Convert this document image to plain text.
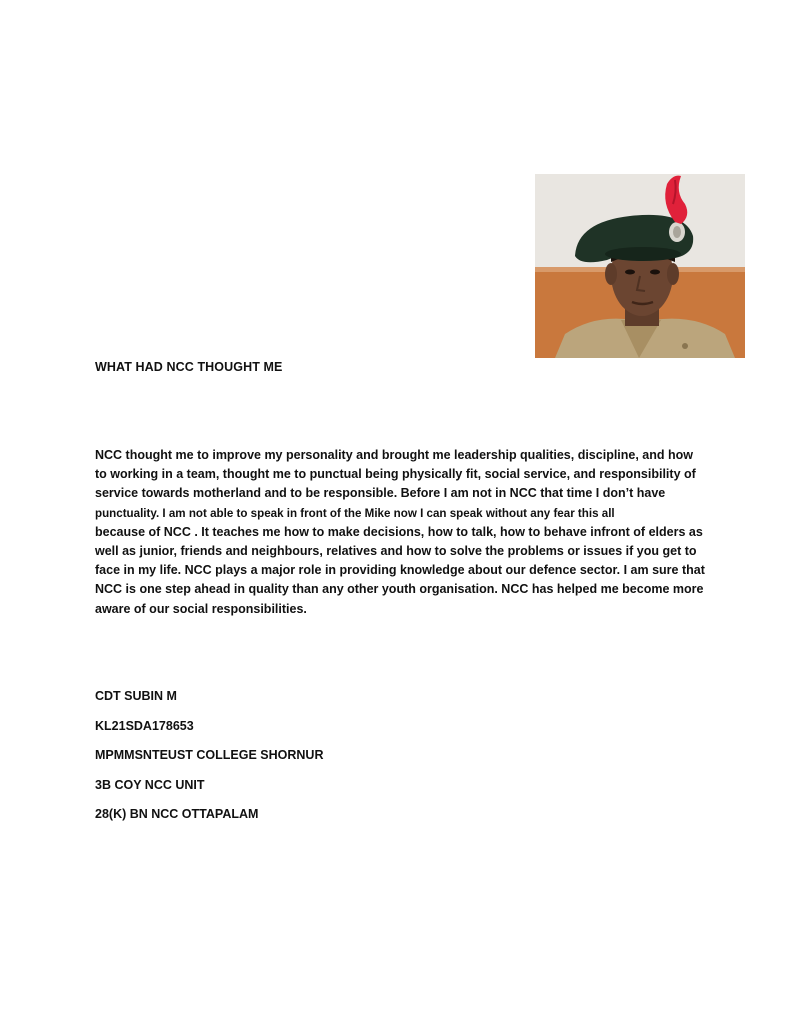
WHAT HAD NCC THOUGHT ME
NCC thought me to improve my personality and brought me leadership qualities, discipline, and how
to working in a team, thought me to punctual being physically fit, social service, and responsibility of
service towards motherland and to be responsible. Before I am not in NCC that time I don’t have
punctuality. I am not able to speak in front of the Mike now I can speak without any fear this all
because of NCC . It teaches me how to make decisions, how to talk, how to behave infront of elders as
well as junior, friends and neighbours, relatives and how to solve the problems or issues if you get to
face in my life. NCC plays a major role in providing knowledge about our defence sector. I am sure that
NCC is one step ahead in quality than any other youth organisation. NCC has helped me become more
aware of our social responsibilities.
CDT SUBIN M
KL21SDA178653
MPMMSNTEUST COLLEGE SHORNUR
3B COY NCC UNIT
28(K) BN NCC OTTAPALAM
